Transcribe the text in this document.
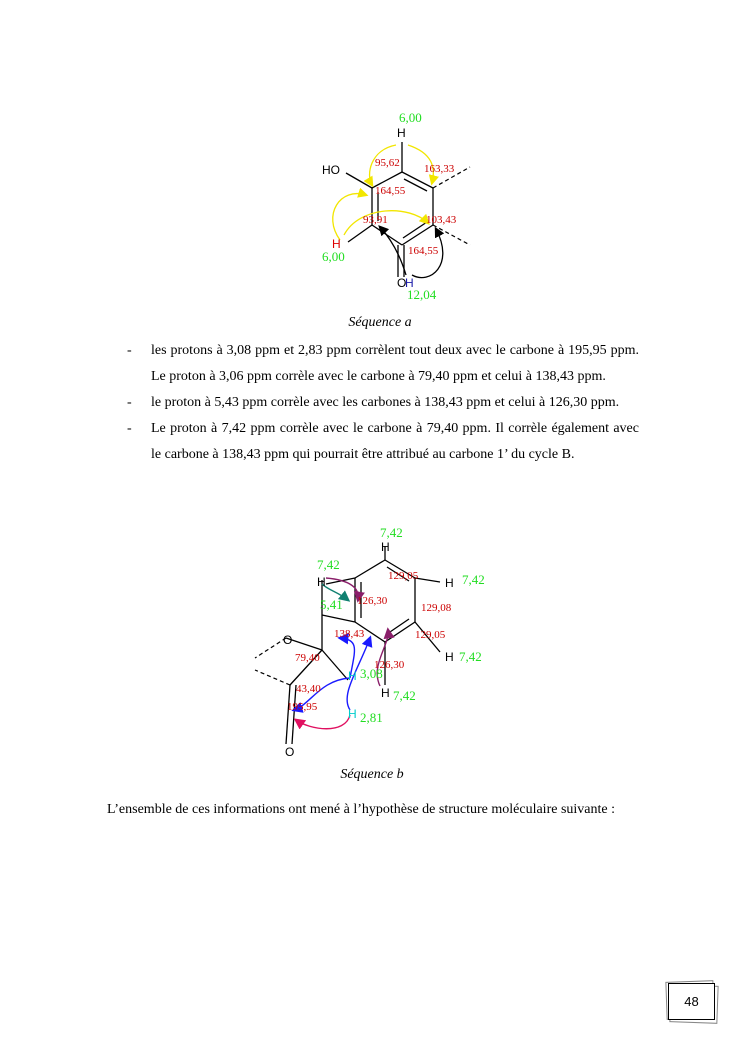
H
HO
H
O
H
6,00
6,00
12,04
95,62 163,33
164,55
93,91	103,43
164,55
Séquence a
- les protons à 3,08 ppm et 2,83 ppm corrèlent tout deux avec le carbone à 195,95 ppm. Le proton à 3,06 ppm corrèle avec le carbone à 79,40 ppm et celui à 138,43 ppm.
- le proton à 5,43 ppm corrèle avec les carbones à 138,43 ppm et celui à 126,30 ppm.
- Le proton à 7,42 ppm corrèle avec le carbone à 79,40 ppm. Il corrèle également avec le carbone à 138,43 ppm qui pourrait être attribué au carbone 1’ du cycle B.
H
H
H
H
H
O
O
H
H
7,42
7,42
7,42
7,42
7,42
5,41
3,08
2,81
129,05
126,30
129,08
138,43	129,05
126,30
79,40
43,40
195,95
Séquence b

L’ensemble de ces informations ont mené à l’hypothèse de structure moléculaire suivante :

48
